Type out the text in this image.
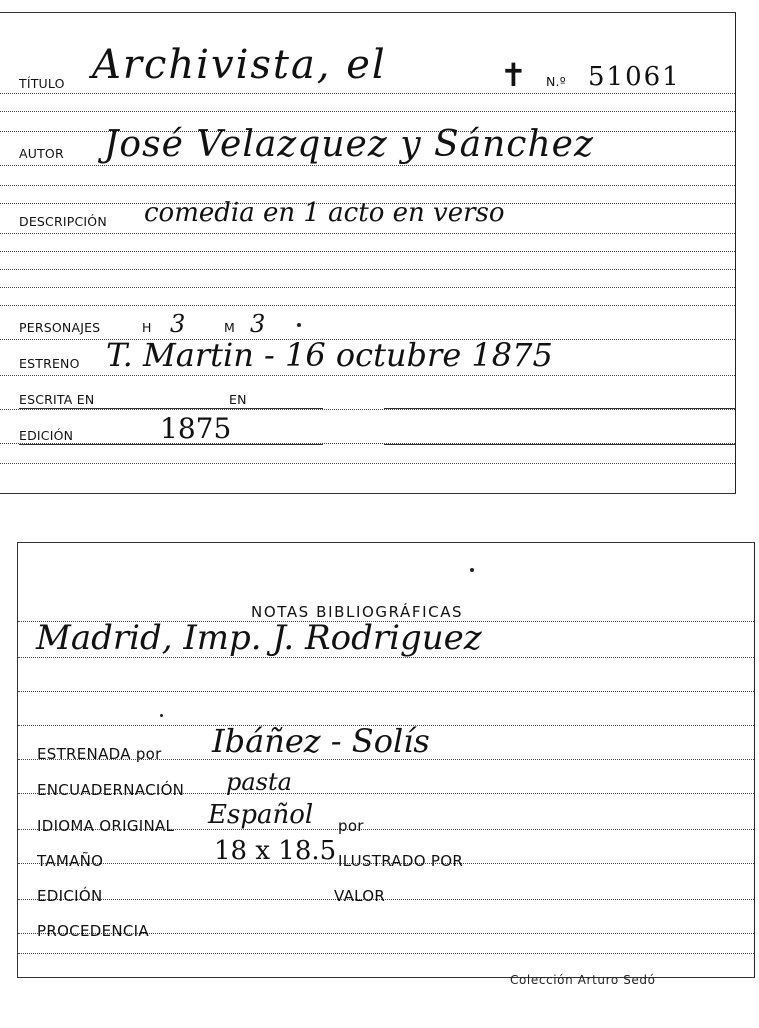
TÍTULO Archivista, el	✝ N.º 51061
AUTOR José Velazquez y Sánchez
DESCRIPCIÓN comedia en 1 acto en verso
PERSONAJES	H 3	M 3
ESTRENO T. Martin - 16 octubre 1875
ESCRITA EN	EN
EDICIÓN	1875
NOTAS BIBLIOGRÁFICAS
Madrid, Imp. J. Rodriguez
ESTRENADA por Ibáñez - Solís
ENCUADERNACIÓN pasta
IDIOMA ORIGINAL Español por
TAMAÑO	18 x 18.5 ILUSTRADO POR
EDICIÓN	VALOR
PROCEDENCIA
Colección Arturo Sedó
